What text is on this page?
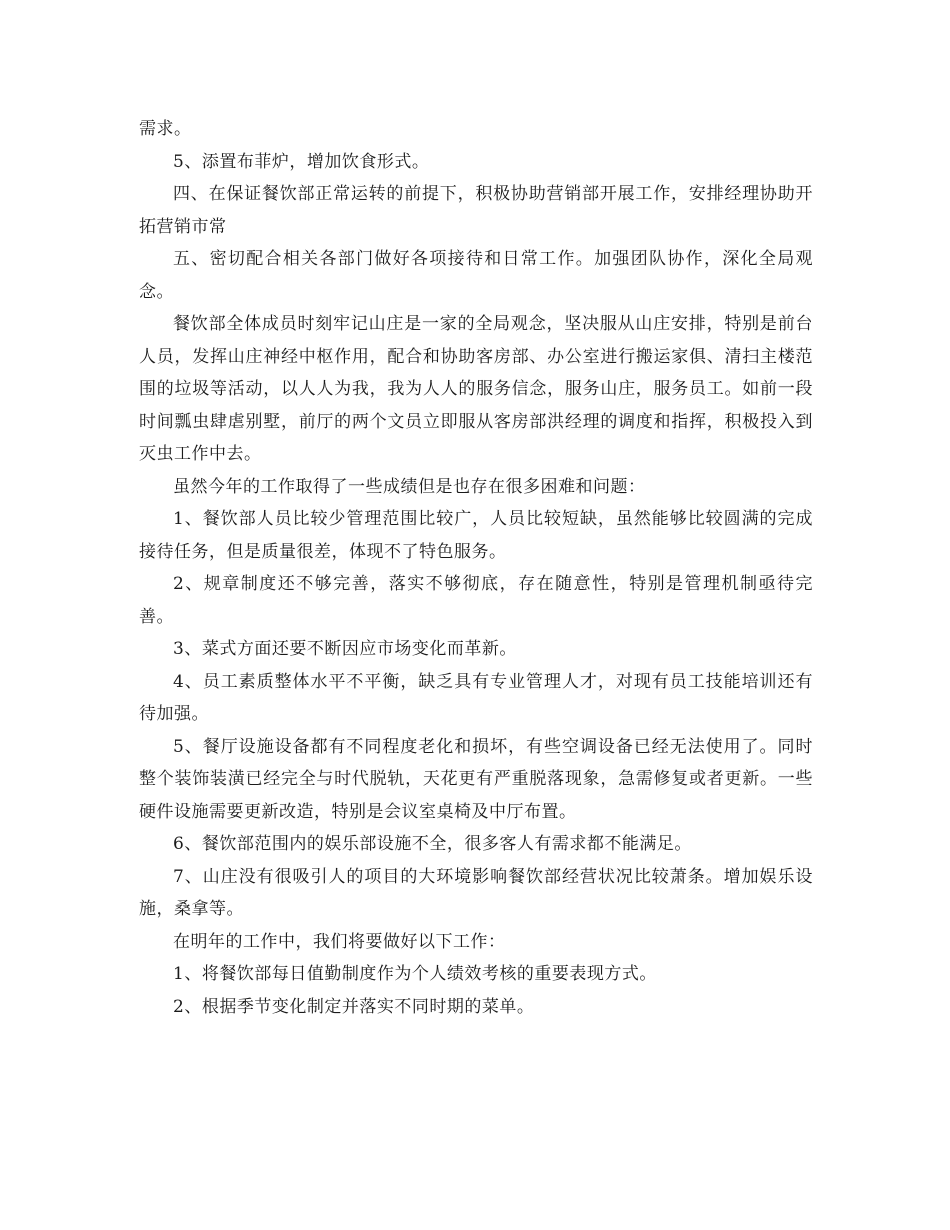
需求。

5、添置布菲炉，增加饮食形式。

四、在保证餐饮部正常运转的前提下，积极协助营销部开展工作，安排经理协助开拓营销市常

五、密切配合相关各部门做好各项接待和日常工作。加强团队协作，深化全局观念。

餐饮部全体成员时刻牢记山庄是一家的全局观念，坚决服从山庄安排，特别是前台人员，发挥山庄神经中枢作用，配合和协助客房部、办公室进行搬运家俱、清扫主楼范围的垃圾等活动，以人人为我，我为人人的服务信念，服务山庄，服务员工。如前一段时间瓢虫肆虐别墅，前厅的两个文员立即服从客房部洪经理的调度和指挥，积极投入到灭虫工作中去。

虽然今年的工作取得了一些成绩但是也存在很多困难和问题：

1、餐饮部人员比较少管理范围比较广，人员比较短缺，虽然能够比较圆满的完成接待任务，但是质量很差，体现不了特色服务。

2、规章制度还不够完善，落实不够彻底，存在随意性，特别是管理机制亟待完善。

3、菜式方面还要不断因应市场变化而革新。

4、员工素质整体水平不平衡，缺乏具有专业管理人才，对现有员工技能培训还有待加强。

5、餐厅设施设备都有不同程度老化和损坏，有些空调设备已经无法使用了。同时整个装饰装潢已经完全与时代脱轨，天花更有严重脱落现象，急需修复或者更新。一些硬件设施需要更新改造，特别是会议室桌椅及中厅布置。

6、餐饮部范围内的娱乐部设施不全，很多客人有需求都不能满足。

7、山庄没有很吸引人的项目的大环境影响餐饮部经营状况比较萧条。增加娱乐设施，桑拿等。

在明年的工作中，我们将要做好以下工作：

1、将餐饮部每日值勤制度作为个人绩效考核的重要表现方式。

2、根据季节变化制定并落实不同时期的菜单。
